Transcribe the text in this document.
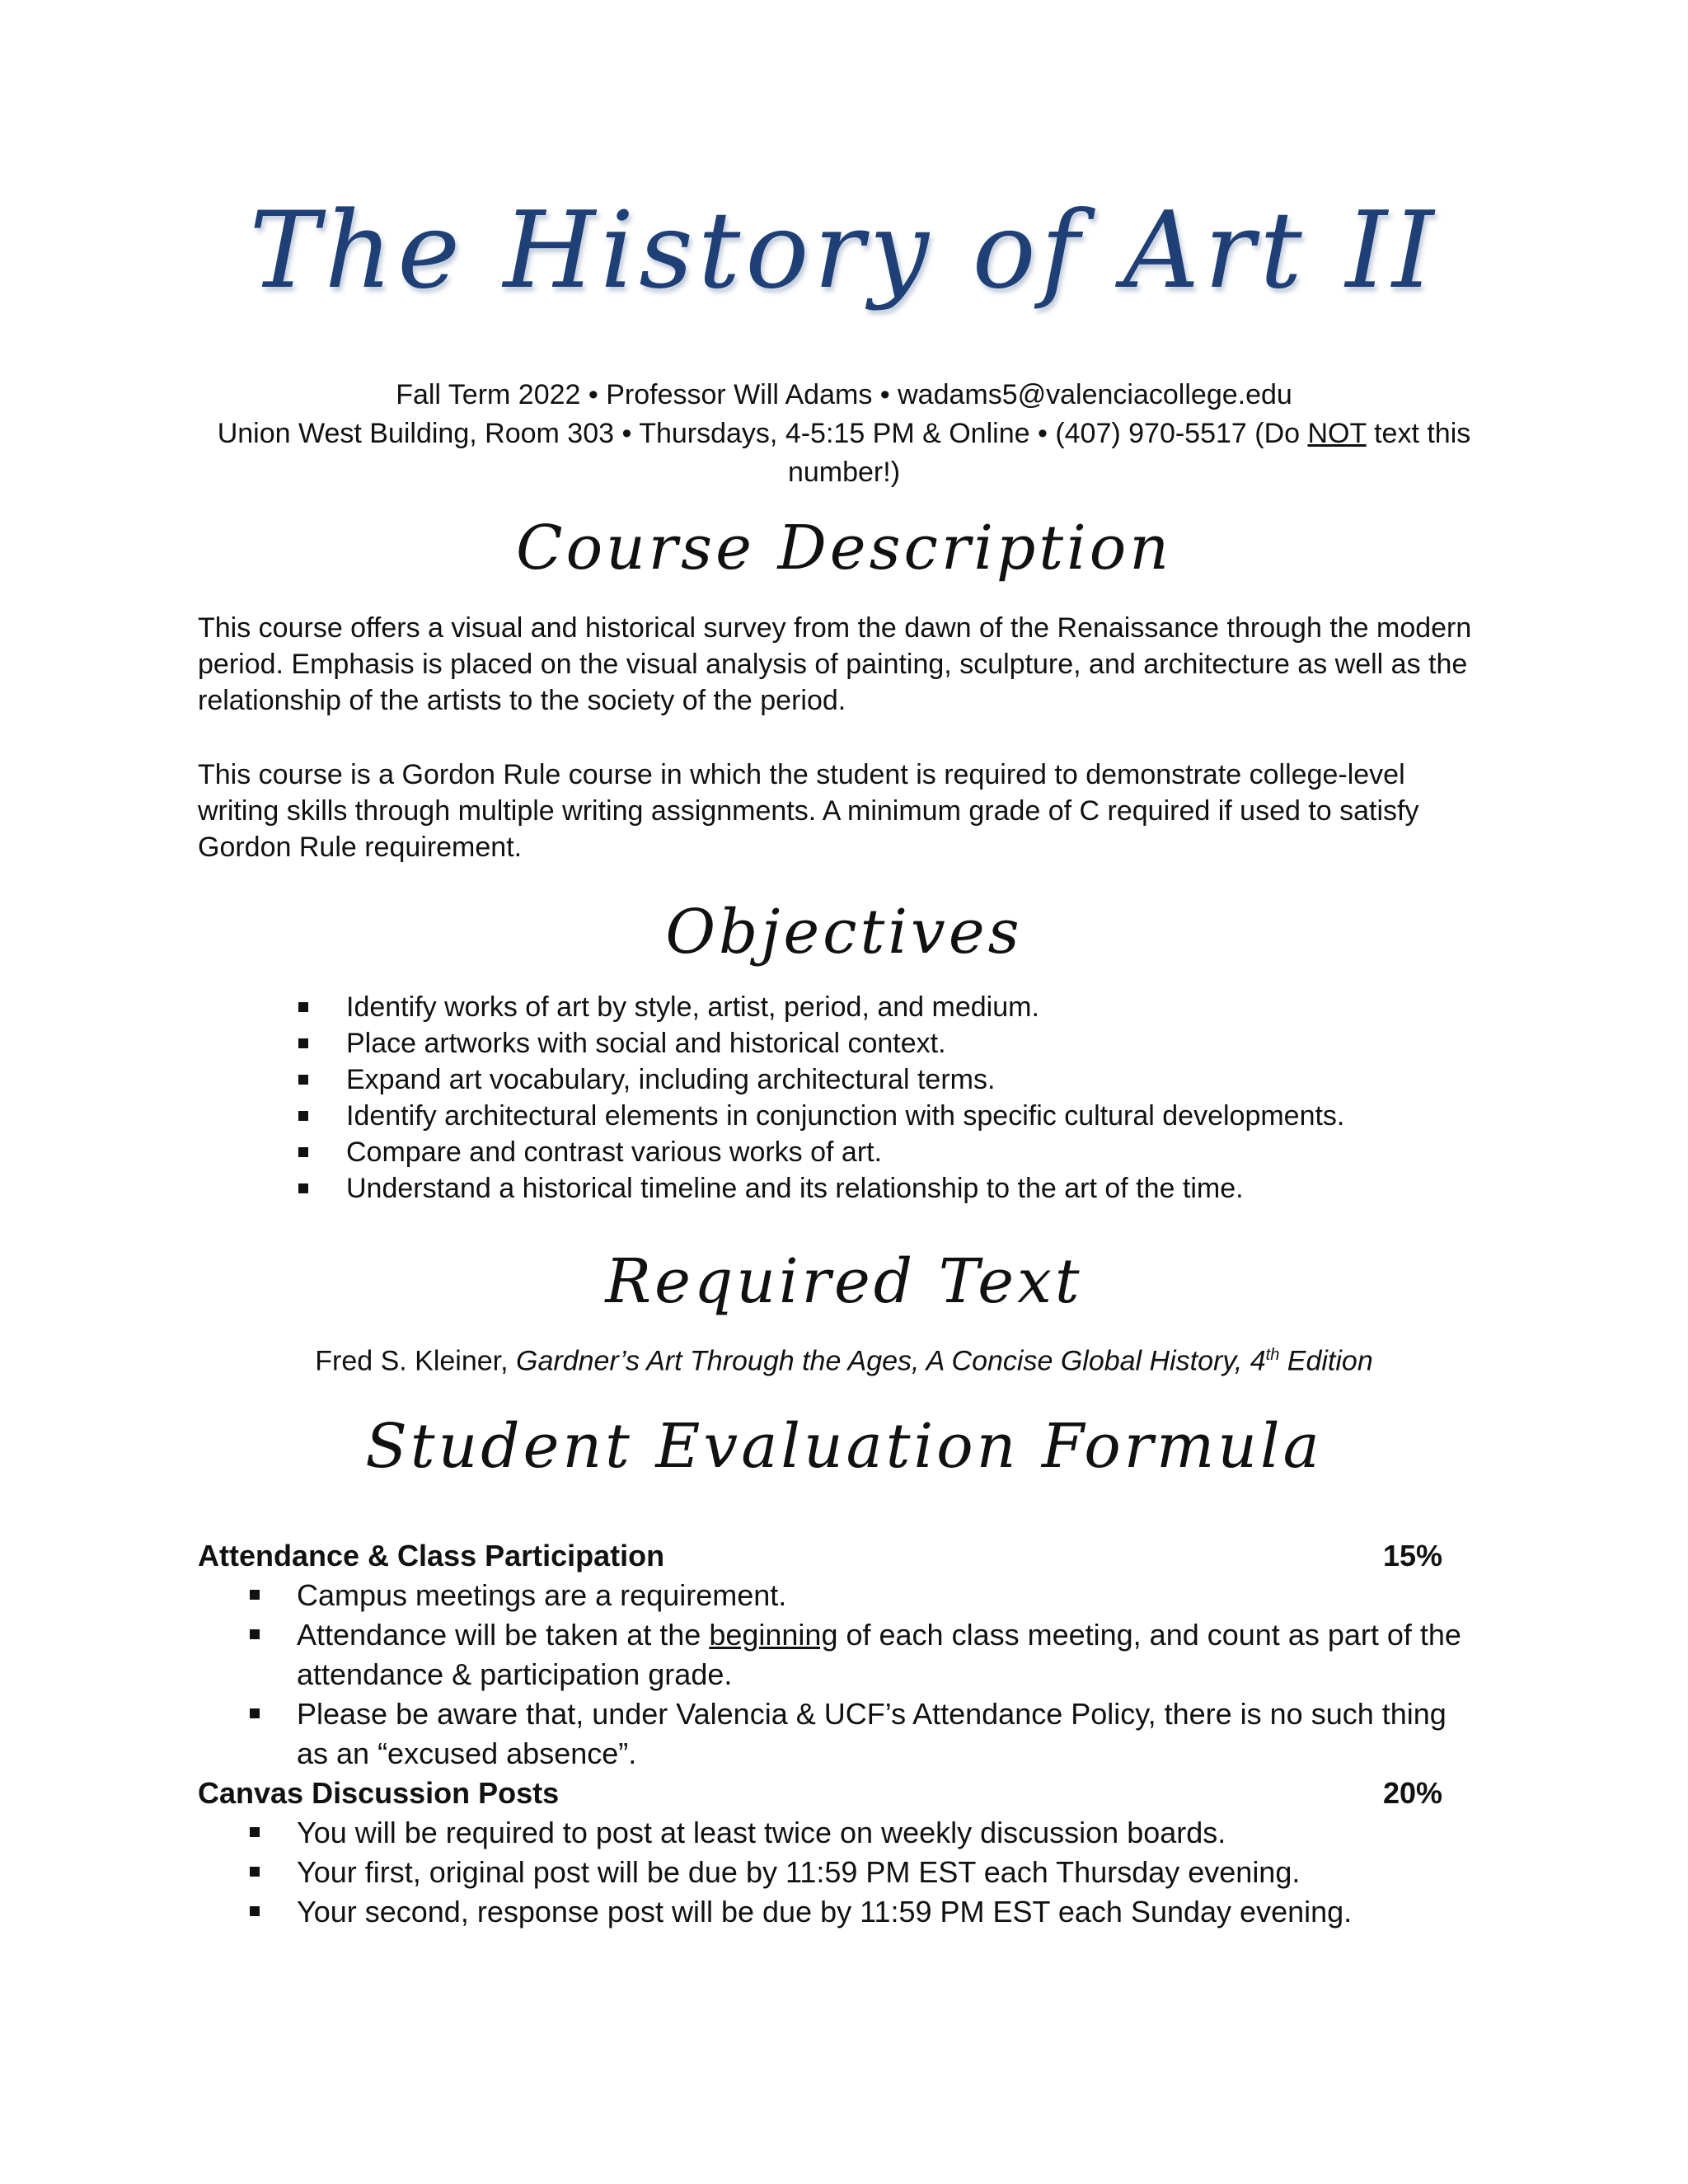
The History of Art II
Fall Term 2022 • Professor Will Adams • wadams5@valenciacollege.edu
Union West Building, Room 303 • Thursdays, 4-5:15 PM & Online • (407) 970-5517 (Do NOT text this number!)
Course Description
This course offers a visual and historical survey from the dawn of the Renaissance through the modern period. Emphasis is placed on the visual analysis of painting, sculpture, and architecture as well as the relationship of the artists to the society of the period.
This course is a Gordon Rule course in which the student is required to demonstrate college-level writing skills through multiple writing assignments. A minimum grade of C required if used to satisfy Gordon Rule requirement.
Objectives
Identify works of art by style, artist, period, and medium.
Place artworks with social and historical context.
Expand art vocabulary, including architectural terms.
Identify architectural elements in conjunction with specific cultural developments.
Compare and contrast various works of art.
Understand a historical timeline and its relationship to the art of the time.
Required Text
Fred S. Kleiner, Gardner’s Art Through the Ages, A Concise Global History, 4th Edition
Student Evaluation Formula
Attendance & Class Participation	15%
Campus meetings are a requirement.
Attendance will be taken at the beginning of each class meeting, and count as part of the attendance & participation grade.
Please be aware that, under Valencia & UCF’s Attendance Policy, there is no such thing as an “excused absence”.
Canvas Discussion Posts	20%
You will be required to post at least twice on weekly discussion boards.
Your first, original post will be due by 11:59 PM EST each Thursday evening.
Your second, response post will be due by 11:59 PM EST each Sunday evening.
